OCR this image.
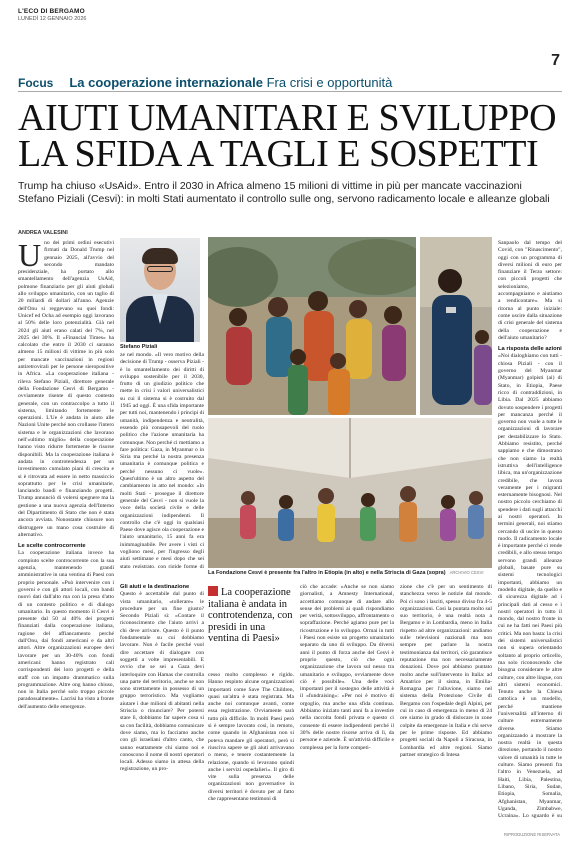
L'ECO DI BERGAMO
LUNEDÌ 12 GENNAIO 2026
7
Focus	La cooperazione internazionale Fra crisi e opportunità
AIUTI UMANITARI E SVILUPPO
LA SFIDA A TAGLI E SOSPETTI
Trump ha chiuso «UsAid». Entro il 2030 in Africa almeno 15 milioni di vittime in più per mancate vaccinazioni
Stefano Piziali (Cesvi): in molti Stati aumentato il controllo sulle ong, servono radicamento locale e alleanze globali
ANDREA VALESINI
U no dei primi ordini esecutivi firmati da Donald Trump nel gennaio 2025, all'avvio del secondo mandato presidenziale, ha portato allo smantellamento dell'agenzia UsAid, polmone finanziario per gli aiuti globali allo sviluppo umanitario, con un taglio di 20 miliardi di dollari all'anno. Agenzie dell'Onu si reggevano su quei fondi: Unicef ed Ocha ad esempio oggi lavorano al 50% delle loro potenzialità. Già nel 2024 gli aiuti erano calati del 7%, nel 2025 del 30%. Il «Financial Times» ha calcolato che entro il 2030 ci saranno almeno 15 milioni di vittime in più solo per mancate vaccinazioni in regioni antiretrovirali per le persone sieropositive in Africa. «La cooperazione italiana - rileva Stefano Piziali, direttore generale della Fondazione Cesvi di Bergamo - ovviamente risente di questo contesto generale, con un contraccolpo a tutto il sistema, limitando fortemente le operazioni. L'Ue è andata in aiuto alle Nazioni Unite perché non crollasse l'intero sistema e le organizzazioni che lavorano nell'«ultimo miglio» della cooperazione hanno visto ridurre fortemente le risorse disponibili. Ma la cooperazione italiana è andata in controtendenza per un investimento cumulato piani di crescita e si è ritrovata ad essere in netto massiccio soprattutto per le crisi umanitarie, lanciando bandi e finanziando progetti. Trump annunciò di volersi spegnere ma la gestione a una nuova agenzia dell'Interno del Dipartimento di Stato che non è stata ancora avviata. Nonostante chiusure non distruggere un mano cosa costruire di alternativo.
Le scelte controcorrente
La cooperazione italiana invece ha compiuto scelte controcorrente con la sua agenzia, mantenendo grandi amministrative in una ventina di Paesi con proprio personale. «Può intervenire con i governi e con gli attori locali, con bandi nuovi dati dall'alto ma con la presa d'atto di un contesto politico e di dialogo umanitario. In questo momento il Cesvi è presente dal 50 al 40% dei progetti finanziati dalla cooperazione italiana, ragione del affiancamento perché dall'Onu, dai fondi americani e da altri attori. Altre organizzazioni europee devi lavorare per un 30-40% con fondi americani: hanno registrato cali corrispondenti dei loro progetti e della staff con un impatto drammatico sulla programmazione. Altre ong hanno chiuso, non in Italia perché solo troppo piccole paradossalmente». Lacrisi ha visto a fronte dell'aumento delle emergenze.
Stefano Piziali
ze nel mondo. «Il vero motivo della decisione di Trump - osserva Piziali - è lo smantellamento dei diritti di sviluppo sostenibile per il 2030, frutto di un giudizio politico che mette in crisi i valori universalistici su cui il sistema si è costruito dal 1945 ad oggi. È una sfida importante per tutti noi, mantenendo i principi di umanità, indipendenza e neutralità, essendo più consapevoli del ruolo politico che l'azione umanitaria ha comunque. Non perché ci mettiamo a fare politica: Gaza, in Myanmar o in Siria ma perché la nostra presenza umanitaria è comunque politica e perché nessuno ci vuole». Quest'ultimo è un altro aspetto del cambiamento in atto nel mondo: «In molti Stati - prosegue il direttore generale del Cesvi - non si vuole la voce della società civile e delle organizzazioni indipendenti. Il controllo che c'è oggi in qualsiasi Paese dove agisce ola cooperazione e l'aiuto umanitario, 15 anni fa era inimmaginabile. Per avere i visti ci vogliono mesi, per l'ingresso degli aiuti settimane e mesi dopo che sei stato registrato, con rigide forme di
La Fondazione Cesvi è presente fra l'altro in Etiopia (in alto) e nella Striscia di Gaza (sopra) ARCHIVIO CESVI
Gli aiuti e la destinazione
Questo è accettabile dal punto di vista umanitario, «tollerare» le procedure per un fine giusto? Secondo Piziali sì: «Contare il riconoscimento che l'aiuto arrivi a chi deve arrivare. Questo è il punto fondamentale su cui dobbiamo lavorare. Non è facile perché vuol dire accettare di dialogare con soggetti a volte impresentabili. E ovvio che se sei a Gaza devi interloquire con Hamas che controlla una parte del territorio, anche se non sono strettamente in possesso di un gruppo terroristico. Ma vogliamo aiutare i due milioni di abitanti nella Striscia o rinunciare? Per potersi stare lì, dobbiamo far sapere cosa si sa con facilità, dobbiamo comunicare dove siamo, ma lo facciamo anche con gli israeliani d'altro canto, che sanno esattamente chi siamo noi e conoscono il nome di nostri operatori locali. Adesso siamo in attesa della registrazione, un pro-
La cooperazione italiana è andata in controtendenza, con presidi in una ventina di Paesi»
cesso molto complesso e rigido. Hanno respinto alcune organizzazioni importanti come Save The Children, quasi un'altra è stata registrata. Ma anche noi comunque avanti, come essa registrazione. Ovviamente sarà tutto più difficile. In molti Paesi però si è sempre lavorato così, in remoto, come quando in Afghanistan non si poteva mandare gli operatori, però si riusciva sapere se gli aiuti arrivavano o meno, e tenere costantemente la relazione, quando si levavano quindi anche i servizi ospedalieri». Il giro di vite sulla presenza delle organizzazioni non governative in diversi territori è dovuto per al fatto che rappresentano testimoni di
ciò che accade: «Anche se non siamo giornalisti, a Amnesty International, accettiamo comunque di andare allo sense dei problemi ai quali rispondiamo per verità, sottosviluppo, affrontamento o sopraffazione. Perché agiamo pure per la ricostruzione e lo sviluppo. Ormai in tutti i Paesi non esiste un progetto umanitario separato da uno di sviluppo. Da diversi anni il punto di forza anche del Cesvi è proprio questo, ciò che ogni organizzazione che lavora sul nesso tra umanitario e sviluppo, ovviamente dove ciò è possibile». Una delle voci importanti per il sostegno delle attività è il «fundraising»: «Per noi è motivo di orgoglio, ma anche una sfida continua. Abbiamo iniziato tanti anni fa a investire nella raccolta fondi privata e questo ci consente di essere indipendenti perché il 30% delle nostre risorse arriva di lì, da persone e aziende. È un'attività difficile e complessa per la forte competi-
zione che c'è per un sentimento di stanchezza verso le notizie dal mondo. Poi ci sono i lasciti, spesso diviso fra 4-5 organizzazioni. Così la puntata molto sul suo territorio, è una realtà nota a Bergamo e in Lombardia, meno in Italia rispetto ad altre organizzazioni: andiamo sulle televisioni nazionali ma non sempre per parlare la nostra testimonianza dai territori, ciò garantisce reputazione ma non necessariamente donazioni. Dove poi abbiamo puntato molto anche sull'intervento in Italia: ad Amatrice per il sisma, in Emilia-Romagna per l'alluvione, siamo nel sistema della Protezione Civile di Bergamo con l'ospedale degli Alpini, per cui in caso di emergenza in meno di 24 ore siamo in grado di dislocare in zone colpite da emergenze in Italia e chi serve per le prime risposte. Ed abbiamo progetti sociali da Napoli a Siracusa, in Lombardia ed altre regioni. Siamo partner strategico di Intesa
Sanpaolo dal tempo del Covid, con "Rinascimento", oggi con un programma di diversi milioni di euro per finanziare il Terzo settore: con piccoli progetti che selezioniamo, accompagniamo e aiutiamo a rendicontare». Ma si ritorna al punto iniziale: come uscire dalla situazione di crisi generale del sistema della cooperazione e dell'aiuto umanitario?
La risposta delle azioni
«Noi dialoghiamo con tutti - chiosa Piziali - con il governo del Myanmar (Myanmar) golpisti (ai) di Stato, in Etiopia, Paese ricco di contraddizioni, in Libia. Dal 2025 abbiamo dovuto sospendere i progetti per mancanza perché il governo non vuole a tutte le organizzazioni di lavorare per destabilizzare lo Stato. Abbiamo resistito, perché sappiamo e che dimostrano che non siamo la realtà istruttiva dell'intelligence libica, ma un'organizzazione credibile, che lavora veramente per i migranti esternamente bisognosi. Nel nostro piccolo cerchiamo di spendere i dati sugli attacchi ai nostri operatori. In termini generali, noi stiamo cercando di uscire in questo modo. Il radicamento locale è importante perché ci rende credibili, e allo stesso tempo servono grandi alleanze globali, basate pure su sistemi tecnologici importanti, abbiamo un modello digitale, da quello e di sicurezza digitale ad i principali dati al cesso e i nostri operatori in tutto il mondo, dal nostro fronte in cui ne ha fatti nei Paesi più critici. Ma non basta: la crisi dei sistemi universalistici non si supera orientando soltanto al proprio orticello, ma solo riconoscendo che bisogna considerare le altre culture, con altre lingue, con altri sistemi economici. Tenuto anche la Chiesa cattolica è un modello, perché mantiene l'universalità all'interno di culture estremamente diverse. Stiamo organizzando a mostrare la nostra realtà in questa direzione, portando il nostro valore di umanità in tutte le culture. Siamo presenti fra l'altro in Venezuela, ad Haiti, Libia, Palestina, Libano, Siria, Sudan, Etiopia, Somalia, Afghanistan, Myanmar, Uganda, Zimbabwe, Ucraina». Lo sguardo è su
RIPRODUZIONE RISERVATA
